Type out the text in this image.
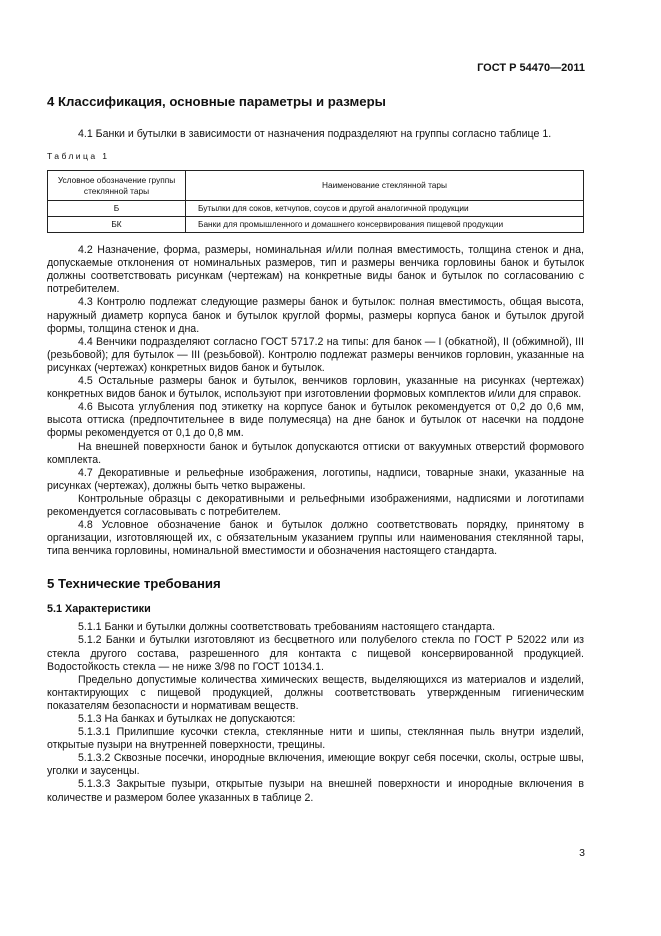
ГОСТ Р 54470—2011
4 Классификация, основные параметры и размеры

4.1 Банки и бутылки в зависимости от назначения подразделяют на группы согласно таблице 1.

Таблица 1

Условное обозначение группы стеклянной тары	Наименование стеклянной тары
Б	Бутылки для соков, кетчупов, соусов и другой аналогичной продукции
БК	Банки для промышленного и домашнего консервирования пищевой продукции

4.2 Назначение, форма, размеры, номинальная и/или полная вместимость, толщина стенок и дна, допускаемые отклонения от номинальных размеров, тип и размеры венчика горловины банок и бутылок должны соответствовать рисункам (чертежам) на конкретные виды банок и бутылок по согласованию с потребителем.

4.3 Контролю подлежат следующие размеры банок и бутылок: полная вместимость, общая высота, наружный диаметр корпуса банок и бутылок круглой формы, размеры корпуса банок и бутылок другой формы, толщина стенок и дна.

4.4 Венчики подразделяют согласно ГОСТ 5717.2 на типы: для банок — I (обкатной), II (обжимной), III (резьбовой); для бутылок — III (резьбовой). Контролю подлежат размеры венчиков горловин, указанные на рисунках (чертежах) конкретных видов банок и бутылок.

4.5 Остальные размеры банок и бутылок, венчиков горловин, указанные на рисунках (чертежах) конкретных видов банок и бутылок, используют при изготовлении формовых комплектов и/или для справок.

4.6 Высота углубления под этикетку на корпусе банок и бутылок рекомендуется от 0,2 до 0,6 мм, высота оттиска (предпочтительнее в виде полумесяца) на дне банок и бутылок от насечки на поддоне формы рекомендуется от 0,1 до 0,8 мм.

На внешней поверхности банок и бутылок допускаются оттиски от вакуумных отверстий формового комплекта.

4.7 Декоративные и рельефные изображения, логотипы, надписи, товарные знаки, указанные на рисунках (чертежах), должны быть четко выражены.

Контрольные образцы с декоративными и рельефными изображениями, надписями и логотипами рекомендуется согласовывать с потребителем.

4.8 Условное обозначение банок и бутылок должно соответствовать порядку, принятому в организации, изготовляющей их, с обязательным указанием группы или наименования стеклянной тары, типа венчика горловины, номинальной вместимости и обозначения настоящего стандарта.

5 Технические требования
5.1 Характеристики

5.1.1 Банки и бутылки должны соответствовать требованиям настоящего стандарта.

5.1.2 Банки и бутылки изготовляют из бесцветного или полубелого стекла по ГОСТ Р 52022 или из стекла другого состава, разрешенного для контакта с пищевой консервированной продукцией. Водостойкость стекла — не ниже 3/98 по ГОСТ 10134.1.

Предельно допустимые количества химических веществ, выделяющихся из материалов и изделий, контактирующих с пищевой продукцией, должны соответствовать утвержденным гигиеническим показателям безопасности и нормативам веществ.

5.1.3 На банках и бутылках не допускаются:

5.1.3.1 Прилипшие кусочки стекла, стеклянные нити и шипы, стеклянная пыль внутри изделий, открытые пузыри на внутренней поверхности, трещины.

5.1.3.2 Сквозные посечки, инородные включения, имеющие вокруг себя посечки, сколы, острые швы, уголки и заусенцы.

5.1.3.3 Закрытые пузыри, открытые пузыри на внешней поверхности и инородные включения в количестве и размером более указанных в таблице 2.

3
